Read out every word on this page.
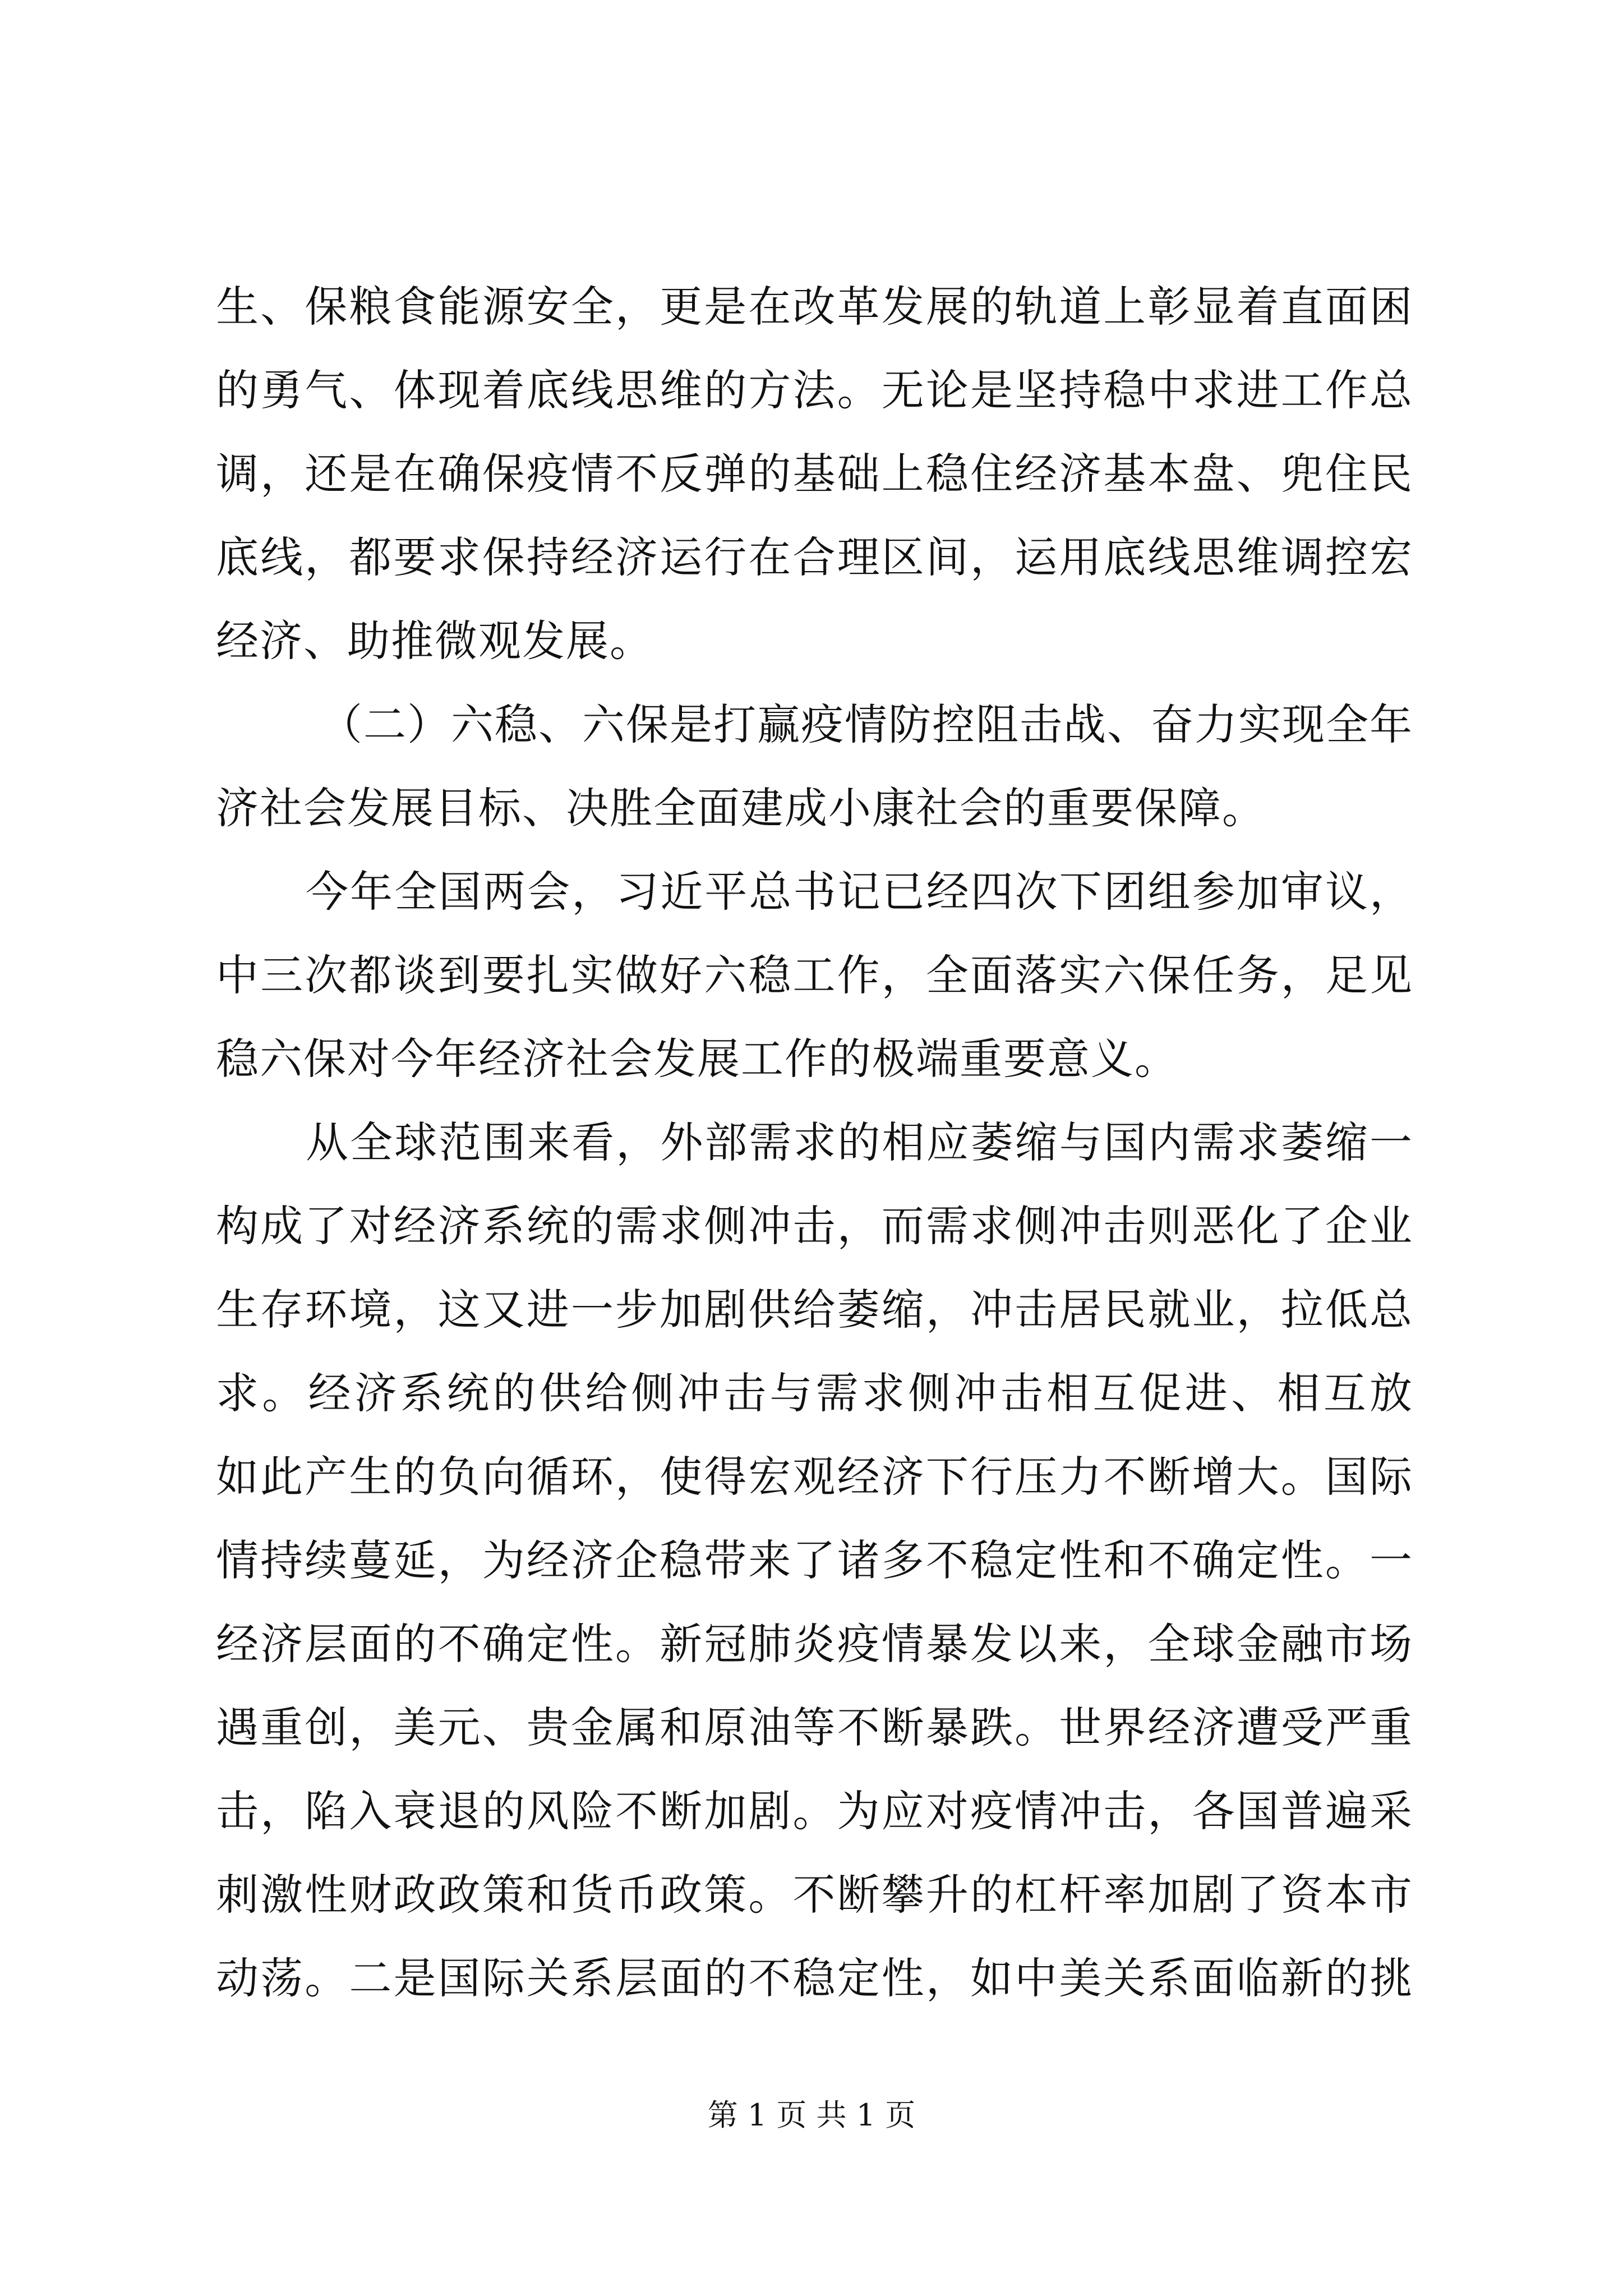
生、保粮食能源安全，更是在改革发展的轨道上彰显着直面困
的勇气、体现着底线思维的方法。无论是坚持稳中求进工作总
调，还是在确保疫情不反弹的基础上稳住经济基本盘、兜住民
底线，都要求保持经济运行在合理区间，运用底线思维调控宏
经济、助推微观发展。
（二）六稳、六保是打赢疫情防控阻击战、奋力实现全年
济社会发展目标、决胜全面建成小康社会的重要保障。
今年全国两会，习近平总书记已经四次下团组参加审议，
中三次都谈到要扎实做好六稳工作，全面落实六保任务，足见
稳六保对今年经济社会发展工作的极端重要意义。
从全球范围来看，外部需求的相应萎缩与国内需求萎缩一
构成了对经济系统的需求侧冲击，而需求侧冲击则恶化了企业
生存环境，这又进一步加剧供给萎缩，冲击居民就业，拉低总
求。经济系统的供给侧冲击与需求侧冲击相互促进、相互放
如此产生的负向循环，使得宏观经济下行压力不断增大。国际
情持续蔓延，为经济企稳带来了诸多不稳定性和不确定性。一
经济层面的不确定性。新冠肺炎疫情暴发以来，全球金融市场
遇重创，美元、贵金属和原油等不断暴跌。世界经济遭受严重
击，陷入衰退的风险不断加剧。为应对疫情冲击，各国普遍采
刺激性财政政策和货币政策。不断攀升的杠杆率加剧了资本市
动荡。二是国际关系层面的不稳定性，如中美关系面临新的挑
第 1 页 共 1 页
